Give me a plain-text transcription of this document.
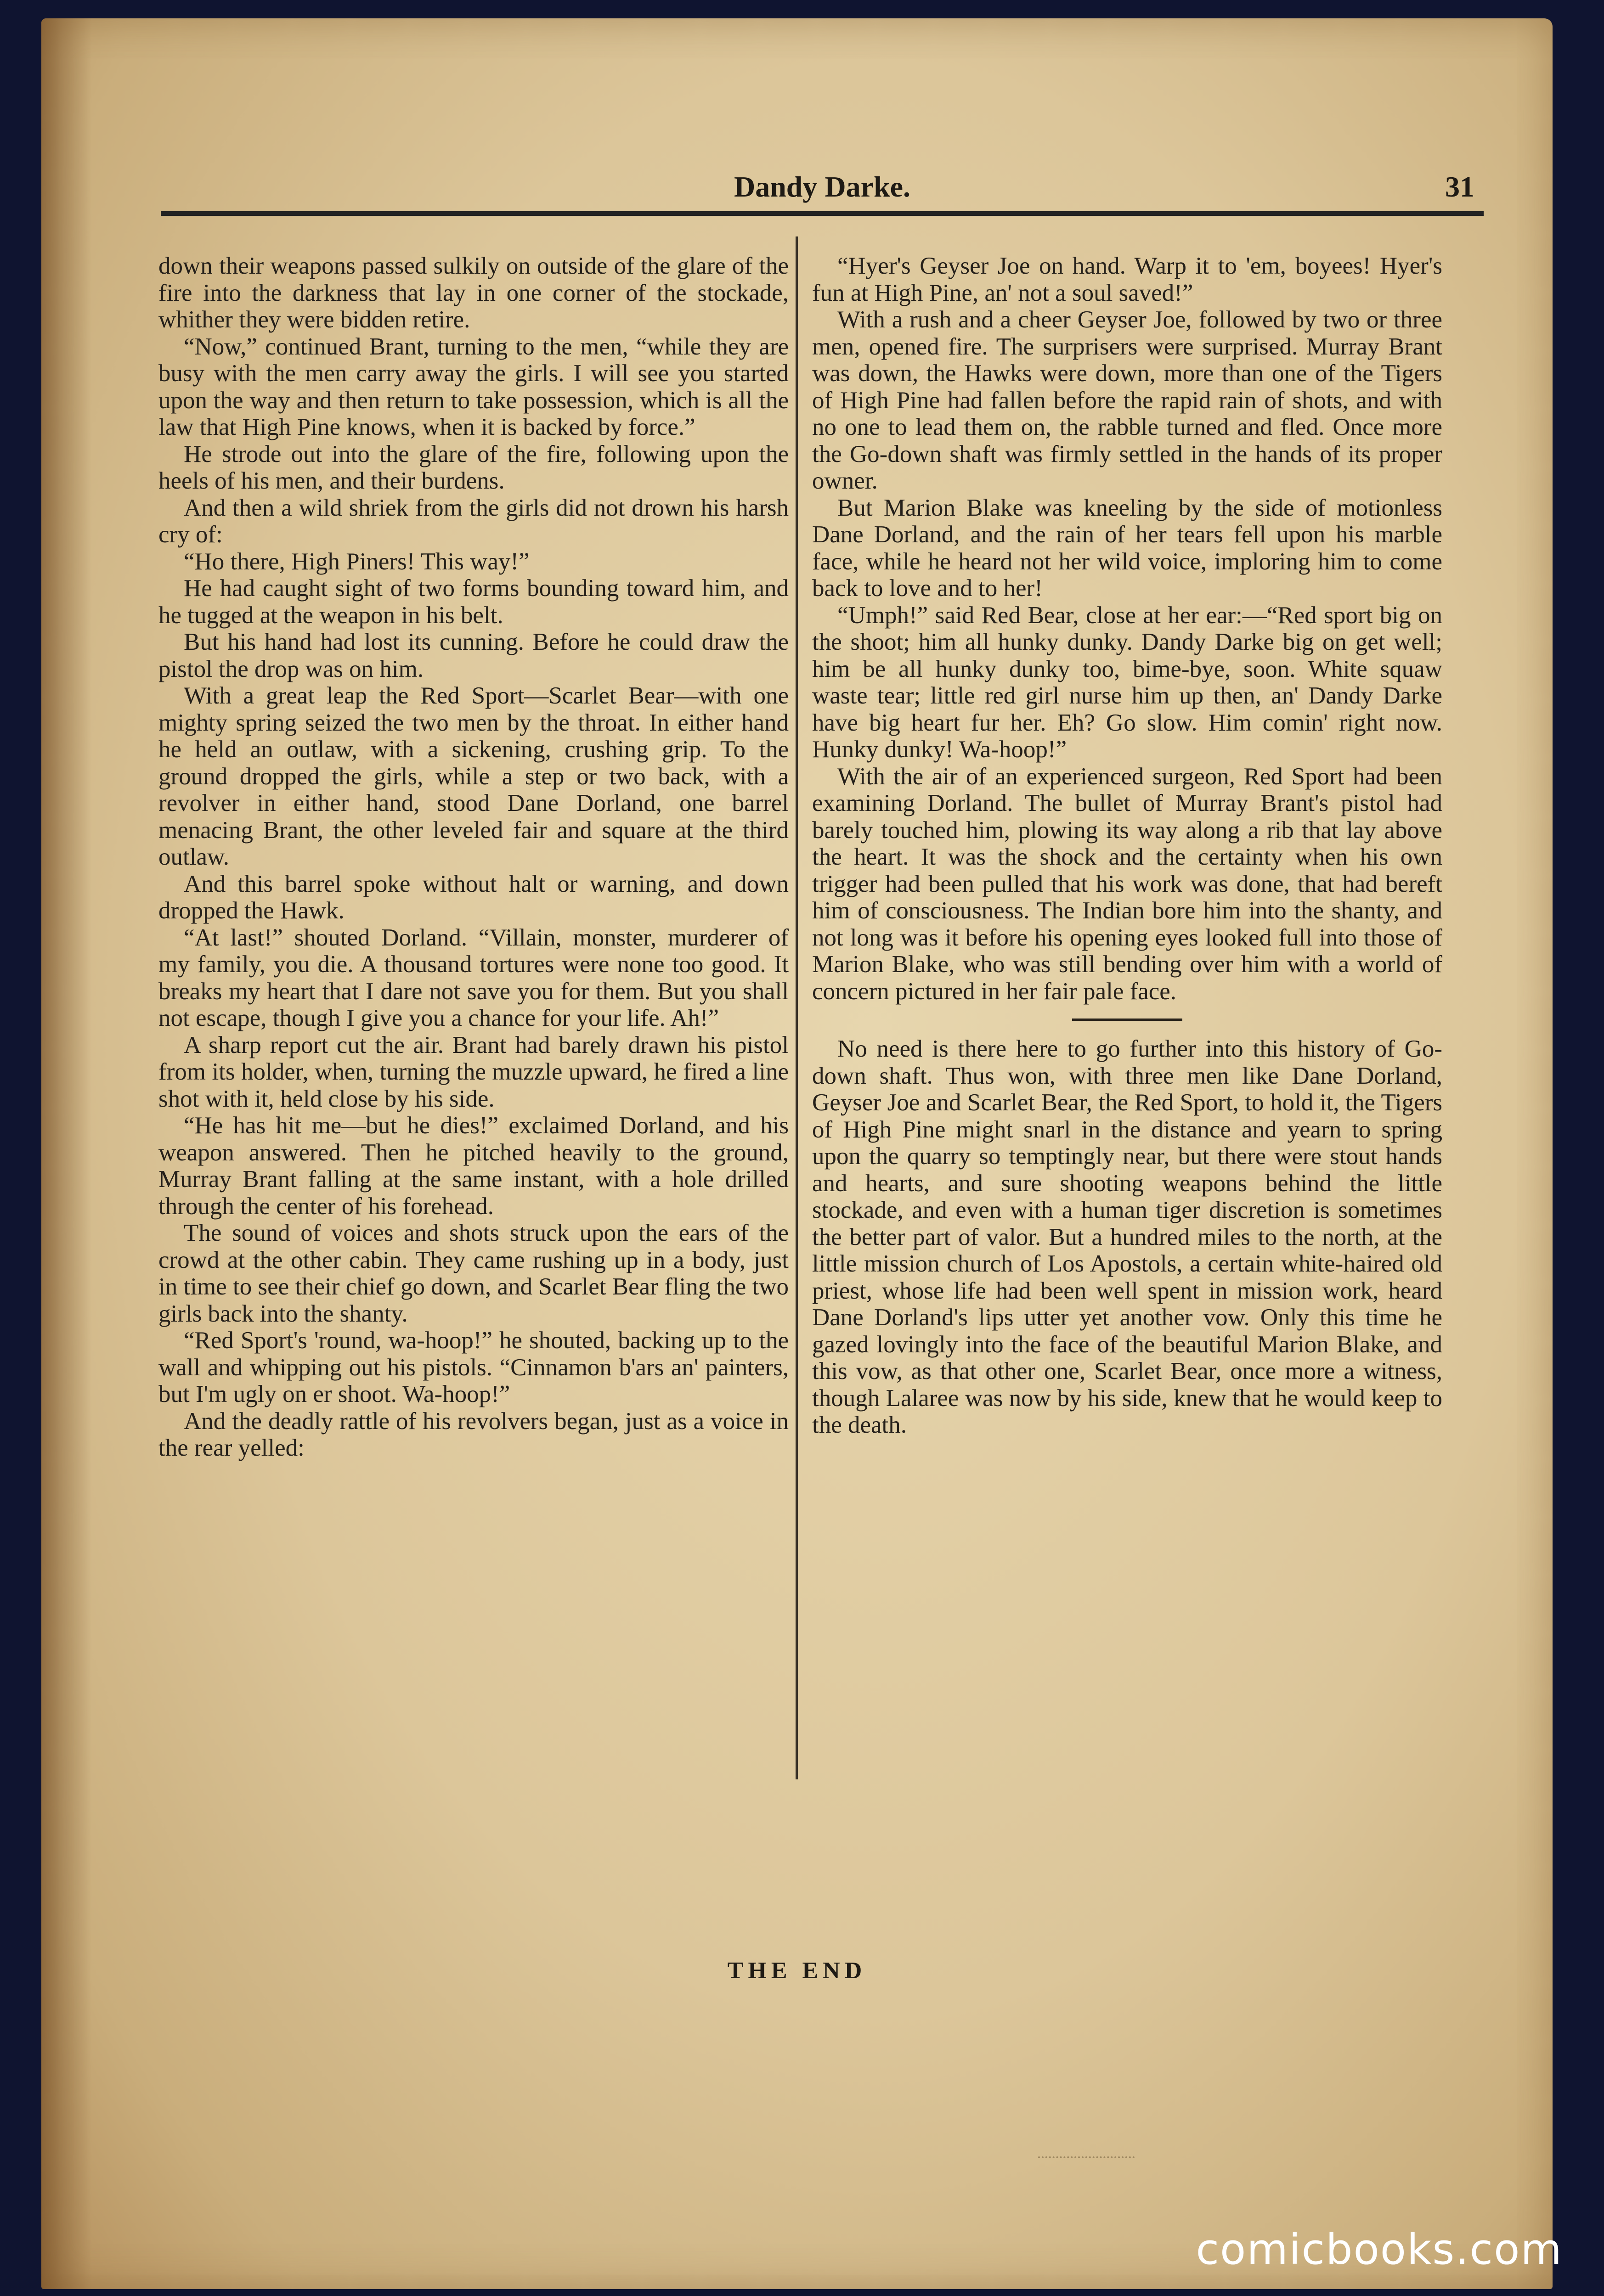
Dandy Darke.	31

down their weapons passed sulkily on outside of the glare of the fire into the darkness that lay in one corner of the stockade, whither they were bidden retire.

“Now,” continued Brant, turning to the men, “while they are busy with the men carry away the girls. I will see you started upon the way and then return to take possession, which is all the law that High Pine knows, when it is backed by force.”

He strode out into the glare of the fire, following upon the heels of his men, and their burdens.

And then a wild shriek from the girls did not drown his harsh cry of:

“Ho there, High Piners! This way!”

He had caught sight of two forms bounding toward him, and he tugged at the weapon in his belt.

But his hand had lost its cunning. Before he could draw the pistol the drop was on him.

With a great leap the Red Sport—Scarlet Bear—with one mighty spring seized the two men by the throat. In either hand he held an outlaw, with a sickening, crushing grip. To the ground dropped the girls, while a step or two back, with a revolver in either hand, stood Dane Dorland, one barrel menacing Brant, the other leveled fair and square at the third outlaw.

And this barrel spoke without halt or warning, and down dropped the Hawk.

“At last!” shouted Dorland. “Villain, monster, murderer of my family, you die. A thousand tortures were none too good. It breaks my heart that I dare not save you for them. But you shall not escape, though I give you a chance for your life. Ah!”

A sharp report cut the air. Brant had barely drawn his pistol from its holder, when, turning the muzzle upward, he fired a line shot with it, held close by his side.

“He has hit me—but he dies!” exclaimed Dorland, and his weapon answered. Then he pitched heavily to the ground, Murray Brant falling at the same instant, with a hole drilled through the center of his forehead.

The sound of voices and shots struck upon the ears of the crowd at the other cabin. They came rushing up in a body, just in time to see their chief go down, and Scarlet Bear fling the two girls back into the shanty.

“Red Sport's 'round, wa-hoop!” he shouted, backing up to the wall and whipping out his pistols. “Cinnamon b'ars an' painters, but I'm ugly on er shoot. Wa-hoop!”

And the deadly rattle of his revolvers began, just as a voice in the rear yelled:

“Hyer's Geyser Joe on hand. Warp it to 'em, boyees! Hyer's fun at High Pine, an' not a soul saved!”

With a rush and a cheer Geyser Joe, followed by two or three men, opened fire. The surprisers were surprised. Murray Brant was down, the Hawks were down, more than one of the Tigers of High Pine had fallen before the rapid rain of shots, and with no one to lead them on, the rabble turned and fled. Once more the Go-down shaft was firmly settled in the hands of its proper owner.

But Marion Blake was kneeling by the side of motionless Dane Dorland, and the rain of her tears fell upon his marble face, while he heard not her wild voice, imploring him to come back to love and to her!

“Umph!” said Red Bear, close at her ear:—“Red sport big on the shoot; him all hunky dunky. Dandy Darke big on get well; him be all hunky dunky too, bime-bye, soon. White squaw waste tear; little red girl nurse him up then, an' Dandy Darke have big heart fur her. Eh? Go slow. Him comin' right now. Hunky dunky! Wa-hoop!”

With the air of an experienced surgeon, Red Sport had been examining Dorland. The bullet of Murray Brant's pistol had barely touched him, plowing its way along a rib that lay above the heart. It was the shock and the certainty when his own trigger had been pulled that his work was done, that had bereft him of consciousness. The Indian bore him into the shanty, and not long was it before his opening eyes looked full into those of Marion Blake, who was still bending over him with a world of concern pictured in her fair pale face.

No need is there here to go further into this history of Go-down shaft. Thus won, with three men like Dane Dorland, Geyser Joe and Scarlet Bear, the Red Sport, to hold it, the Tigers of High Pine might snarl in the distance and yearn to spring upon the quarry so temptingly near, but there were stout hands and hearts, and sure shooting weapons behind the little stockade, and even with a human tiger discretion is sometimes the better part of valor. But a hundred miles to the north, at the little mission church of Los Apostols, a certain white-haired old priest, whose life had been well spent in mission work, heard Dane Dorland's lips utter yet another vow. Only this time he gazed lovingly into the face of the beautiful Marion Blake, and this vow, as that other one, Scarlet Bear, once more a witness, though Lalaree was now by his side, knew that he would keep to the death.

THE END
comicbooks.com
